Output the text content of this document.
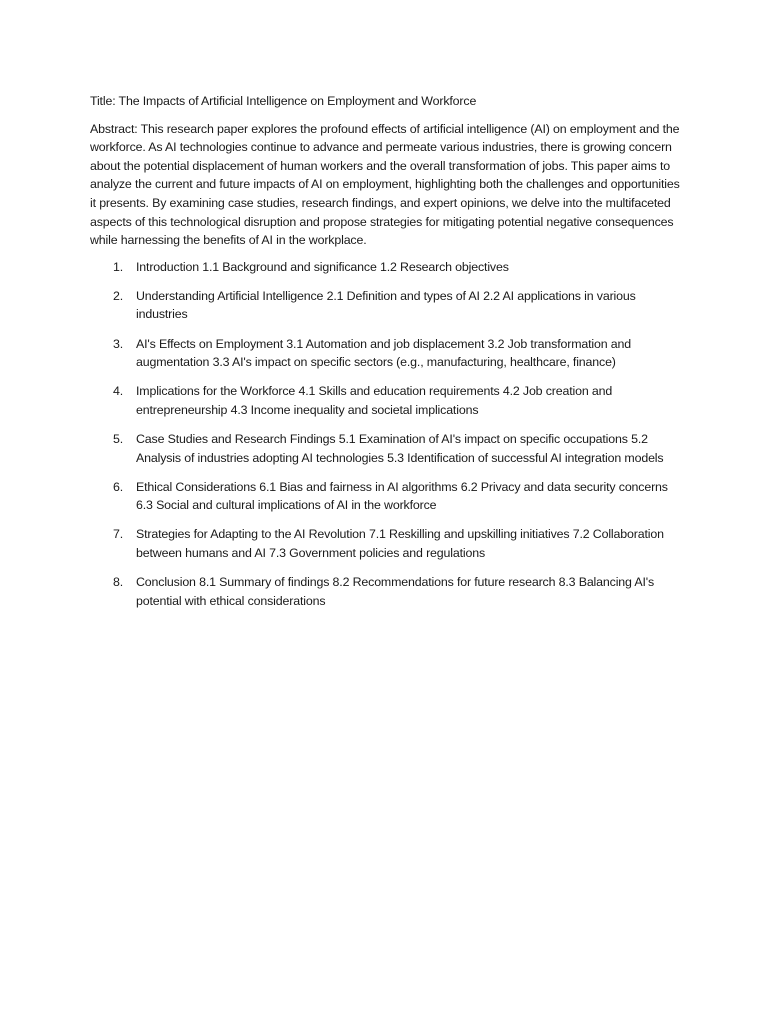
Title: The Impacts of Artificial Intelligence on Employment and Workforce

Abstract: This research paper explores the profound effects of artificial intelligence (AI) on employment and the workforce. As AI technologies continue to advance and permeate various industries, there is growing concern about the potential displacement of human workers and the overall transformation of jobs. This paper aims to analyze the current and future impacts of AI on employment, highlighting both the challenges and opportunities it presents. By examining case studies, research findings, and expert opinions, we delve into the multifaceted aspects of this technological disruption and propose strategies for mitigating potential negative consequences while harnessing the benefits of AI in the workplace.

1.	Introduction 1.1 Background and significance 1.2 Research objectives
2.	Understanding Artificial Intelligence 2.1 Definition and types of AI 2.2 AI applications in various industries
3.	AI's Effects on Employment 3.1 Automation and job displacement 3.2 Job transformation and augmentation 3.3 AI's impact on specific sectors (e.g., manufacturing, healthcare, finance)
4.	Implications for the Workforce 4.1 Skills and education requirements 4.2 Job creation and entrepreneurship 4.3 Income inequality and societal implications
5.	Case Studies and Research Findings 5.1 Examination of AI's impact on specific occupations 5.2 Analysis of industries adopting AI technologies 5.3 Identification of successful AI integration models
6.	Ethical Considerations 6.1 Bias and fairness in AI algorithms 6.2 Privacy and data security concerns 6.3 Social and cultural implications of AI in the workforce
7.	Strategies for Adapting to the AI Revolution 7.1 Reskilling and upskilling initiatives 7.2 Collaboration between humans and AI 7.3 Government policies and regulations
8.	Conclusion 8.1 Summary of findings 8.2 Recommendations for future research 8.3 Balancing AI's potential with ethical considerations
